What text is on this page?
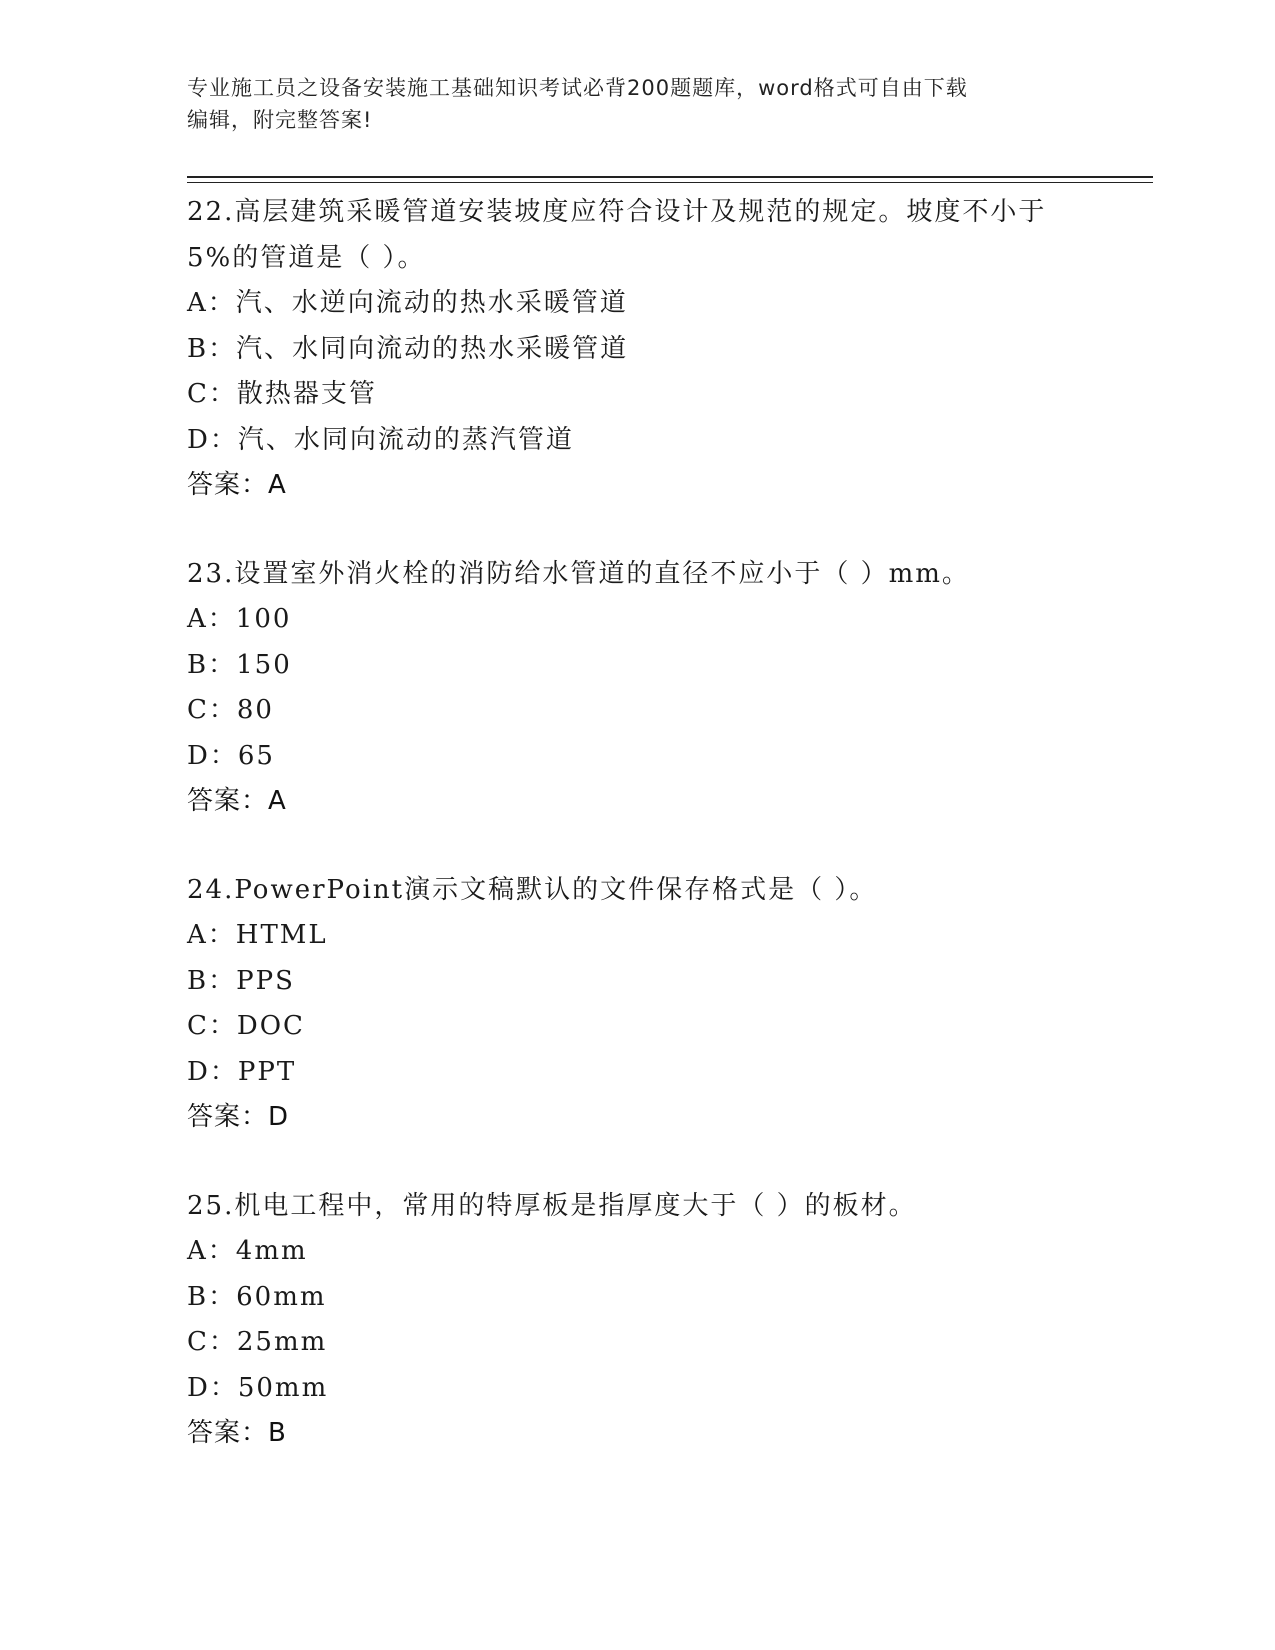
专业施工员之设备安装施工基础知识考试必背200题题库，word格式可自由下载
编辑，附完整答案!
22.高层建筑采暖管道安装坡度应符合设计及规范的规定。坡度不小于
5%的管道是（ ）。
A：汽、水逆向流动的热水采暖管道
B：汽、水同向流动的热水采暖管道
C：散热器支管
D：汽、水同向流动的蒸汽管道
答案：A
23.设置室外消火栓的消防给水管道的直径不应小于（ ）mm。
A：100
B：150
C：80
D：65
答案：A
24.PowerPoint演示文稿默认的文件保存格式是（ ）。
A：HTML
B：PPS
C：DOC
D：PPT
答案：D
25.机电工程中，常用的特厚板是指厚度大于（ ）的板材。
A：4mm
B：60mm
C：25mm
D：50mm
答案：B
